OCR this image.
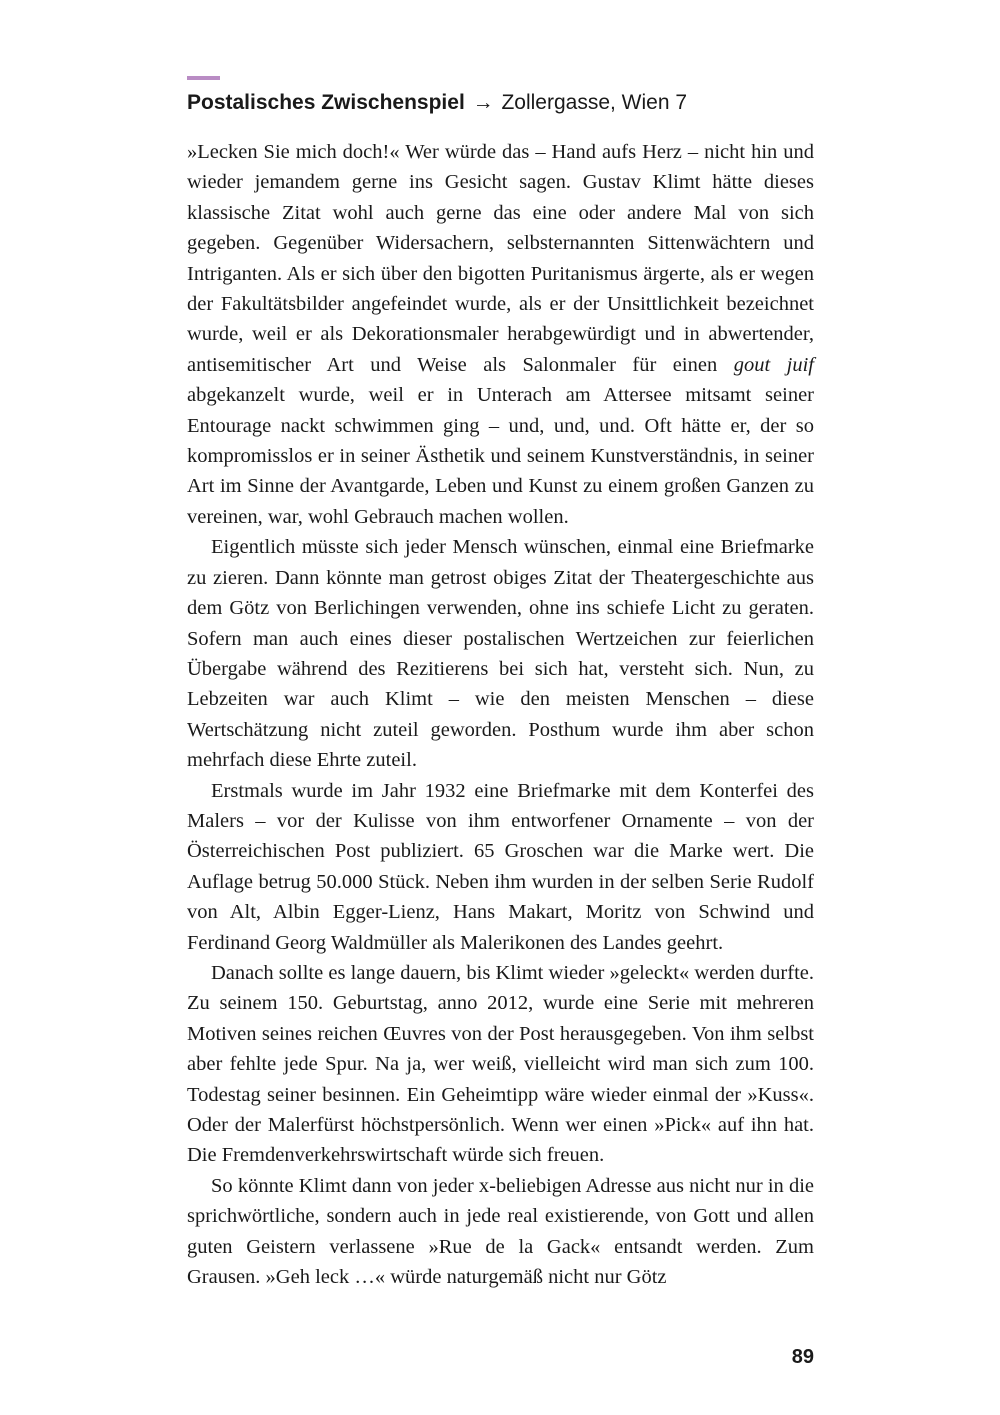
Postalisches Zwischenspiel → Zollergasse, Wien 7

»Lecken Sie mich doch!« Wer würde das – Hand aufs Herz – nicht hin und wieder jemandem gerne ins Gesicht sagen. Gustav Klimt hätte dieses klassische Zitat wohl auch gerne das eine oder andere Mal von sich gegeben. Gegenüber Widersachern, selbsternannten Sittenwächtern und Intriganten. Als er sich über den bigotten Puritanismus ärgerte, als er wegen der Fakultätsbilder angefeindet wurde, als er der Unsittlichkeit bezeichnet wurde, weil er als Dekorationsmaler herabgewürdigt und in abwertender, antisemitischer Art und Weise als Salonmaler für einen gout juif abgekanzelt wurde, weil er in Unterach am Attersee mitsamt seiner Entourage nackt schwimmen ging – und, und, und. Oft hätte er, der so kompromisslos er in seiner Ästhetik und seinem Kunstverständnis, in seiner Art im Sinne der Avantgarde, Leben und Kunst zu einem großen Ganzen zu vereinen, war, wohl Gebrauch machen wollen.

Eigentlich müsste sich jeder Mensch wünschen, einmal eine Briefmarke zu zieren. Dann könnte man getrost obiges Zitat der Theatergeschichte aus dem Götz von Berlichingen verwenden, ohne ins schiefe Licht zu geraten. Sofern man auch eines dieser postalischen Wertzeichen zur feierlichen Übergabe während des Rezitierens bei sich hat, versteht sich. Nun, zu Lebzeiten war auch Klimt – wie den meisten Menschen – diese Wertschätzung nicht zuteil geworden. Posthum wurde ihm aber schon mehrfach diese Ehrte zuteil.

Erstmals wurde im Jahr 1932 eine Briefmarke mit dem Konterfei des Malers – vor der Kulisse von ihm entworfener Ornamente – von der Österreichischen Post publiziert. 65 Groschen war die Marke wert. Die Auflage betrug 50.000 Stück. Neben ihm wurden in der selben Serie Rudolf von Alt, Albin Egger-Lienz, Hans Makart, Moritz von Schwind und Ferdinand Georg Waldmüller als Malerikonen des Landes geehrt.

Danach sollte es lange dauern, bis Klimt wieder »geleckt« werden durfte. Zu seinem 150. Geburtstag, anno 2012, wurde eine Serie mit mehreren Motiven seines reichen Œuvres von der Post herausgegeben. Von ihm selbst aber fehlte jede Spur. Na ja, wer weiß, vielleicht wird man sich zum 100. Todestag seiner besinnen. Ein Geheimtipp wäre wieder einmal der »Kuss«. Oder der Malerfürst höchstpersönlich. Wenn wer einen »Pick« auf ihn hat. Die Fremdenverkehrswirtschaft würde sich freuen.

So könnte Klimt dann von jeder x-beliebigen Adresse aus nicht nur in die sprichwörtliche, sondern auch in jede real existierende, von Gott und allen guten Geistern verlassene »Rue de la Gack« entsandt werden. Zum Grausen. »Geh leck …« würde naturgemäß nicht nur Götz

89
